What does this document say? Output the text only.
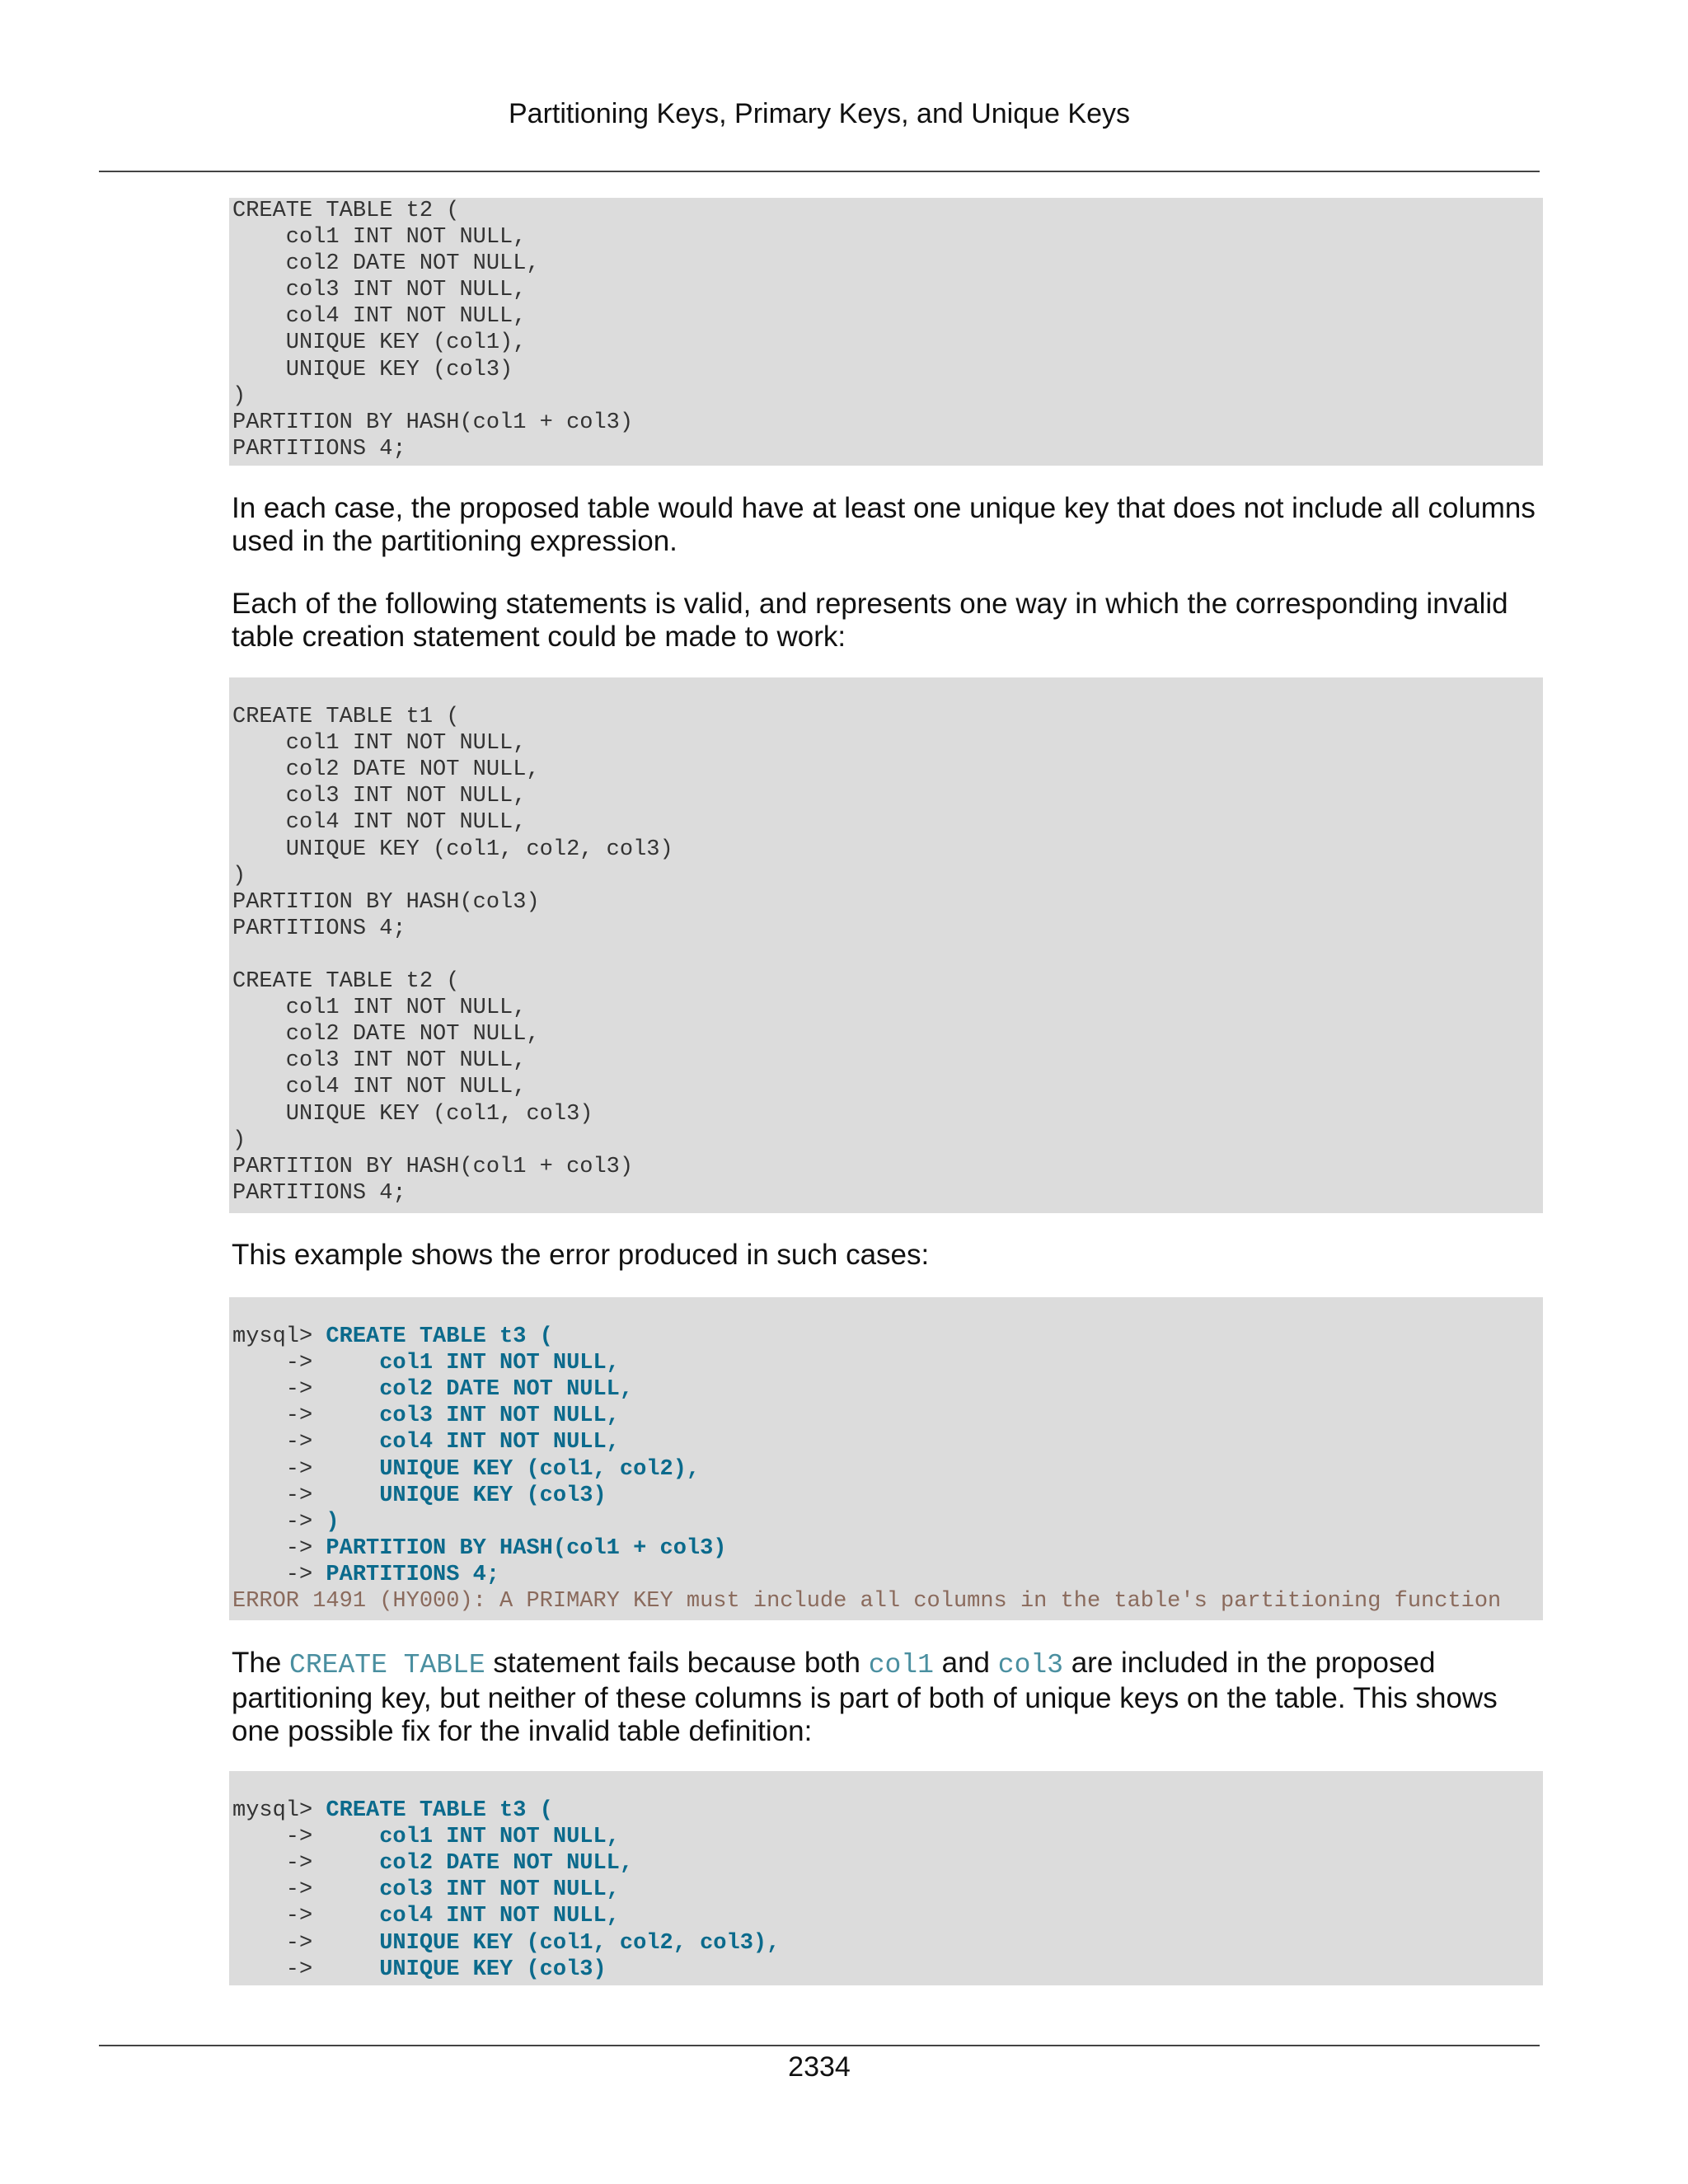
Partitioning Keys, Primary Keys, and Unique Keys
CREATE TABLE t2 (
col1 INT NOT NULL,
col2 DATE NOT NULL,
col3 INT NOT NULL,
col4 INT NOT NULL,
UNIQUE KEY (col1),
UNIQUE KEY (col3)
)
PARTITION BY HASH(col1 + col3)
PARTITIONS 4;

In each case, the proposed table would have at least one unique key that does not include all columns used in the partitioning expression.

Each of the following statements is valid, and represents one way in which the corresponding invalid table creation statement could be made to work:

CREATE TABLE t1 (
col1 INT NOT NULL,
col2 DATE NOT NULL,
col3 INT NOT NULL,
col4 INT NOT NULL,
UNIQUE KEY (col1, col2, col3)
)
PARTITION BY HASH(col3)
PARTITIONS 4;
CREATE TABLE t2 (
col1 INT NOT NULL,
col2 DATE NOT NULL,
col3 INT NOT NULL,
col4 INT NOT NULL,
UNIQUE KEY (col1, col3)
)
PARTITION BY HASH(col1 + col3)
PARTITIONS 4;

This example shows the error produced in such cases:

mysql> CREATE TABLE t3 (
->     col1 INT NOT NULL,
->     col2 DATE NOT NULL,
->     col3 INT NOT NULL,
->     col4 INT NOT NULL,
->     UNIQUE KEY (col1, col2),
->     UNIQUE KEY (col3)
-> )
-> PARTITION BY HASH(col1 + col3)
-> PARTITIONS 4;
ERROR 1491 (HY000): A PRIMARY KEY must include all columns in the table's partitioning function

The CREATE TABLE statement fails because both col1 and col3 are included in the proposed partitioning key, but neither of these columns is part of both of unique keys on the table. This shows one possible fix for the invalid table definition:

mysql> CREATE TABLE t3 (
->     col1 INT NOT NULL,
->     col2 DATE NOT NULL,
->     col3 INT NOT NULL,
->     col4 INT NOT NULL,
->     UNIQUE KEY (col1, col2, col3),
->     UNIQUE KEY (col3)
2334
